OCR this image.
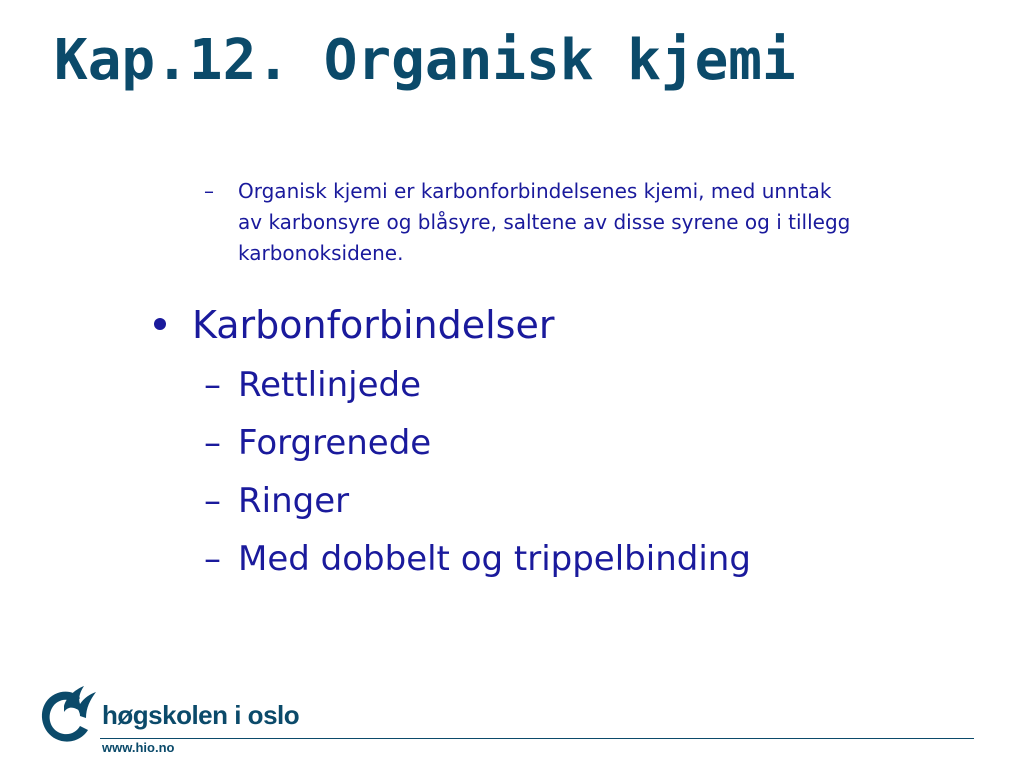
Kap.12. Organisk kjemi
– Organisk kjemi er karbonforbindelsenes kjemi, med unntak
av karbonsyre og blåsyre, saltene av disse syrene og i tillegg
karbonoksidene.
Karbonforbindelser
– Rettlinjede
– Forgrenede
– Ringer
– Med dobbelt og trippelbinding
høgskolen i oslo
www.hio.no
